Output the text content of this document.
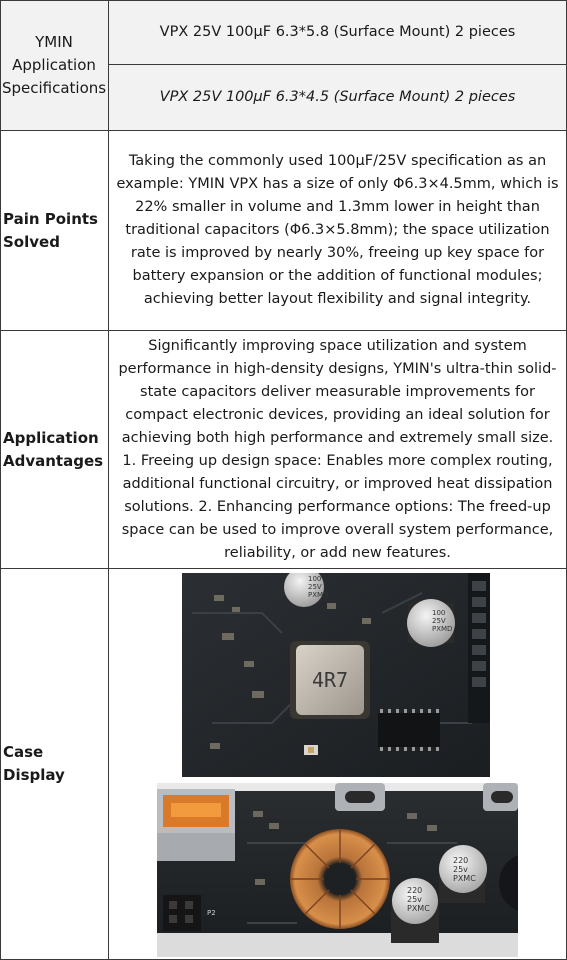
YMIN Application Specifications
VPX 25V 100μF 6.3*5.8 (Surface Mount) 2 pieces
VPX 25V 100μF 6.3*4.5 (Surface Mount) 2 pieces
Pain Points Solved
Taking the commonly used 100μF/25V specification as an example: YMIN VPX has a size of only Φ6.3×4.5mm, which is 22% smaller in volume and 1.3mm lower in height than traditional capacitors (Φ6.3×5.8mm); the space utilization rate is improved by nearly 30%, freeing up key space for battery expansion or the addition of functional modules; achieving better layout flexibility and signal integrity.
Application Advantages
Significantly improving space utilization and system performance in high-density designs, YMIN's ultra-thin solid-state capacitors deliver measurable improvements for compact electronic devices, providing an ideal solution for achieving both high performance and extremely small size. 1. Freeing up design space: Enables more complex routing, additional functional circuitry, or improved heat dissipation solutions. 2. Enhancing performance options: The freed-up space can be used to improve overall system performance, reliability, or add new features.
Case Display
100
25V
PXMD
100
25V
PXMD
4R7
P2
220
25v
PXMC
220
25v
PXMC
